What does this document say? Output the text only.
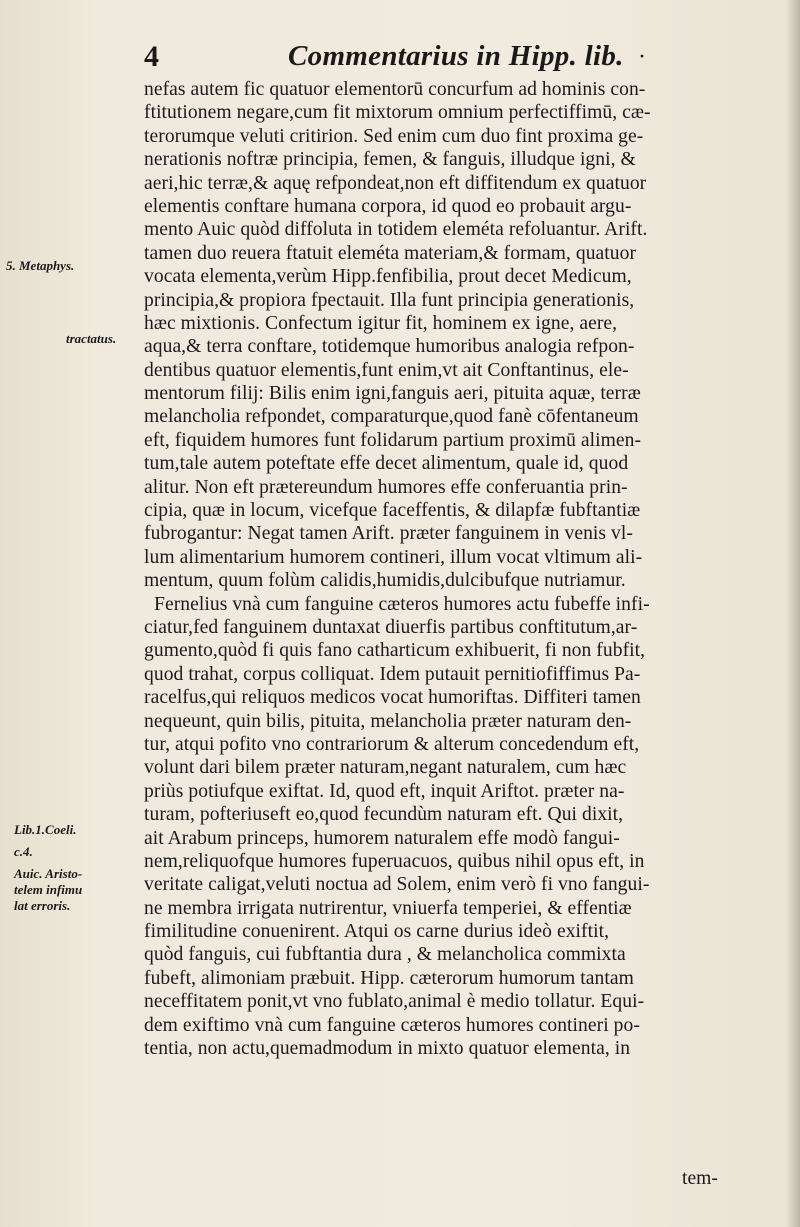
4	Commentarius in Hipp. lib. ·
5. Metaphys.
tractatus.
Lib.1.Coeli.
c.4.
Auic. Aristo-
telem infimu
lat erroris.
nefas autem fic quatuor elementorū concurfum ad hominis con-
ftitutionem negare,cum fit mixtorum omnium perfectiffimū, cæ-
terorumque veluti critirion. Sed enim cum duo fint proxima ge-
nerationis noftræ principia, femen, & fanguis, illudque igni, &
aeri,hic terræ,& aquę refpondeat,non eft diffitendum ex quatuor
elementis conftare humana corpora, id quod eo probauit argu-
mento Auic quòd diffoluta in totidem eleméta refoluantur. Arift.
tamen duo reuera ftatuit eleméta materiam,& formam, quatuor
vocata elementa,verùm Hipp.fenfibilia, prout decet Medicum,
principia,& propiora fpectauit. Illa funt principia generationis,
hæc mixtionis. Confectum igitur fit, hominem ex igne, aere,
aqua,& terra conftare, totidemque humoribus analogia refpon-
dentibus quatuor elementis,funt enim,vt ait Conftantinus, ele-
mentorum filij: Bilis enim igni,fanguis aeri, pituita aquæ, terræ
melancholia refpondet, comparaturque,quod fanè cōfentaneum
eft, fiquidem humores funt folidarum partium proximū alimen-
tum,tale autem poteftate effe decet alimentum, quale id, quod
alitur. Non eft prætereundum humores effe conferuantia prin-
cipia, quæ in locum, vicefque faceffentis, & dilapfæ fubftantiæ
fubrogantur: Negat tamen Arift. præter fanguinem in venis vl-
lum alimentarium humorem contineri, illum vocat vltimum ali-
mentum, quum folùm calidis,humidis,dulcibufque nutriamur.
Fernelius vnà cum fanguine cæteros humores actu fubeffe infi-
ciatur,fed fanguinem duntaxat diuerfis partibus conftitutum,ar-
gumento,quòd fi quis fano catharticum exhibuerit, fi non fubfit,
quod trahat, corpus colliquat. Idem putauit pernitiofiffimus Pa-
racelfus,qui reliquos medicos vocat humoriftas. Diffiteri tamen
nequeunt, quin bilis, pituita, melancholia præter naturam den-
tur, atqui pofito vno contrariorum & alterum concedendum eft,
volunt dari bilem præter naturam,negant naturalem, cum hæc
priùs potiufque exiftat. Id, quod eft, inquit Ariftot. præter na-
turam, pofteriuseft eo,quod fecundùm naturam eft. Qui dixit,
ait Arabum princeps, humorem naturalem effe modò fangui-
nem,reliquofque humores fuperuacuos, quibus nihil opus eft, in
veritate caligat,veluti noctua ad Solem, enim verò fi vno fangui-
ne membra irrigata nutrirentur, vniuerfa temperiei, & effentiæ
fimilitudine conuenirent. Atqui os carne durius ideò exiftit,
quòd fanguis, cui fubftantia dura , & melancholica commixta
fubeft, alimoniam præbuit. Hipp. cæterorum humorum tantam
neceffitatem ponit,vt vno fublato,animal è medio tollatur. Equi-
dem exiftimo vnà cum fanguine cæteros humores contineri po-
tentia, non actu,quemadmodum in mixto quatuor elementa, in
tem-
